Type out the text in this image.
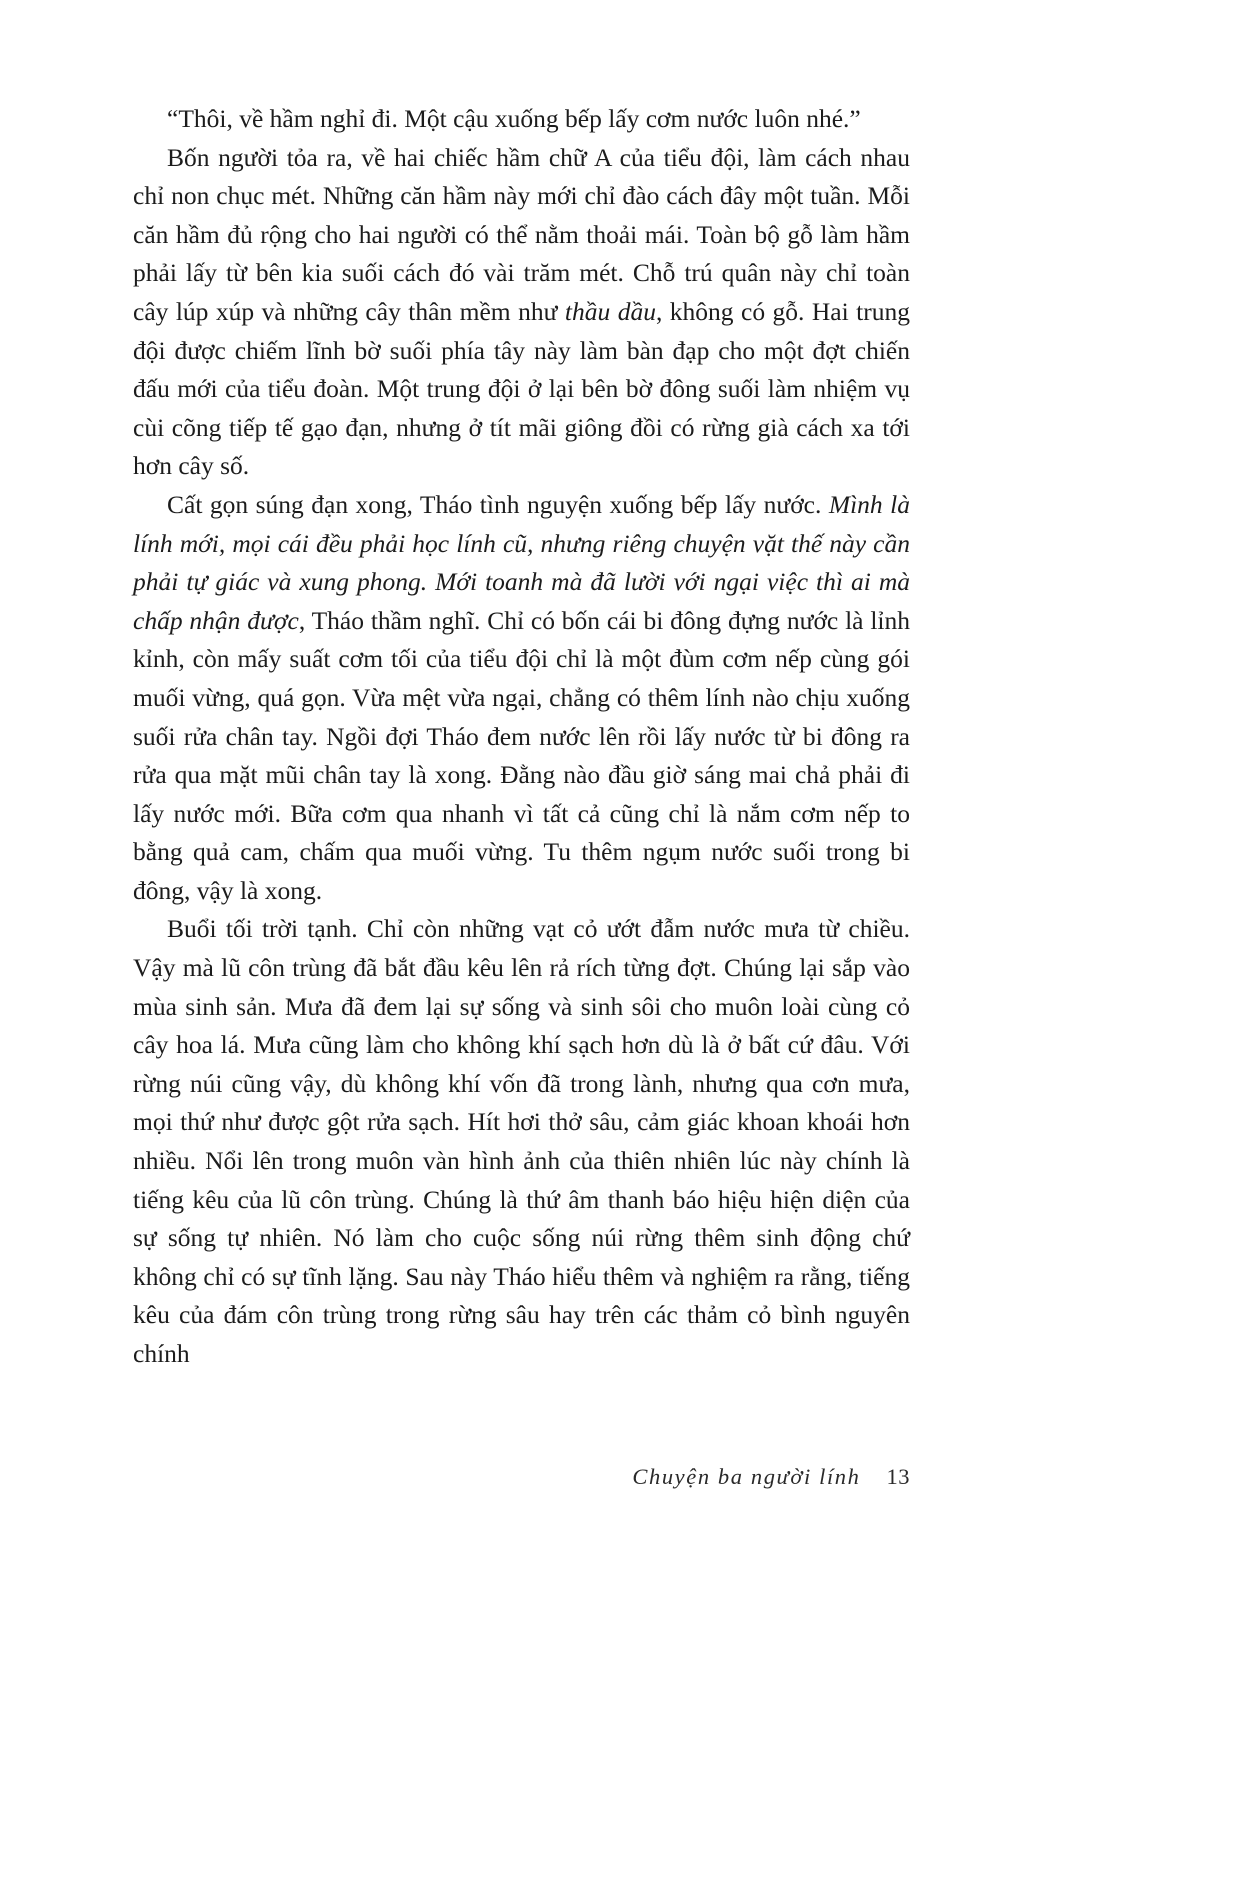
“Thôi, về hầm nghỉ đi. Một cậu xuống bếp lấy cơm nước luôn nhé.”

Bốn người tỏa ra, về hai chiếc hầm chữ A của tiểu đội, làm cách nhau chỉ non chục mét. Những căn hầm này mới chỉ đào cách đây một tuần. Mỗi căn hầm đủ rộng cho hai người có thể nằm thoải mái. Toàn bộ gỗ làm hầm phải lấy từ bên kia suối cách đó vài trăm mét. Chỗ trú quân này chỉ toàn cây lúp xúp và những cây thân mềm như thầu dầu, không có gỗ. Hai trung đội được chiếm lĩnh bờ suối phía tây này làm bàn đạp cho một đợt chiến đấu mới của tiểu đoàn. Một trung đội ở lại bên bờ đông suối làm nhiệm vụ cùi cõng tiếp tế gạo đạn, nhưng ở tít mãi giông đồi có rừng già cách xa tới hơn cây số.

Cất gọn súng đạn xong, Tháo tình nguyện xuống bếp lấy nước. Mình là lính mới, mọi cái đều phải học lính cũ, nhưng riêng chuyện vặt thế này cần phải tự giác và xung phong. Mới toanh mà đã lười với ngại việc thì ai mà chấp nhận được, Tháo thầm nghĩ. Chỉ có bốn cái bi đông đựng nước là lỉnh kỉnh, còn mấy suất cơm tối của tiểu đội chỉ là một đùm cơm nếp cùng gói muối vừng, quá gọn. Vừa mệt vừa ngại, chẳng có thêm lính nào chịu xuống suối rửa chân tay. Ngồi đợi Tháo đem nước lên rồi lấy nước từ bi đông ra rửa qua mặt mũi chân tay là xong. Đằng nào đầu giờ sáng mai chả phải đi lấy nước mới. Bữa cơm qua nhanh vì tất cả cũng chỉ là nắm cơm nếp to bằng quả cam, chấm qua muối vừng. Tu thêm ngụm nước suối trong bi đông, vậy là xong.

Buổi tối trời tạnh. Chỉ còn những vạt cỏ ướt đẫm nước mưa từ chiều. Vậy mà lũ côn trùng đã bắt đầu kêu lên rả rích từng đợt. Chúng lại sắp vào mùa sinh sản. Mưa đã đem lại sự sống và sinh sôi cho muôn loài cùng cỏ cây hoa lá. Mưa cũng làm cho không khí sạch hơn dù là ở bất cứ đâu. Với rừng núi cũng vậy, dù không khí vốn đã trong lành, nhưng qua cơn mưa, mọi thứ như được gột rửa sạch. Hít hơi thở sâu, cảm giác khoan khoái hơn nhiều. Nổi lên trong muôn vàn hình ảnh của thiên nhiên lúc này chính là tiếng kêu của lũ côn trùng. Chúng là thứ âm thanh báo hiệu hiện diện của sự sống tự nhiên. Nó làm cho cuộc sống núi rừng thêm sinh động chứ không chỉ có sự tĩnh lặng. Sau này Tháo hiểu thêm và nghiệm ra rằng, tiếng kêu của đám côn trùng trong rừng sâu hay trên các thảm cỏ bình nguyên chính

Chuyện ba người lính 13
